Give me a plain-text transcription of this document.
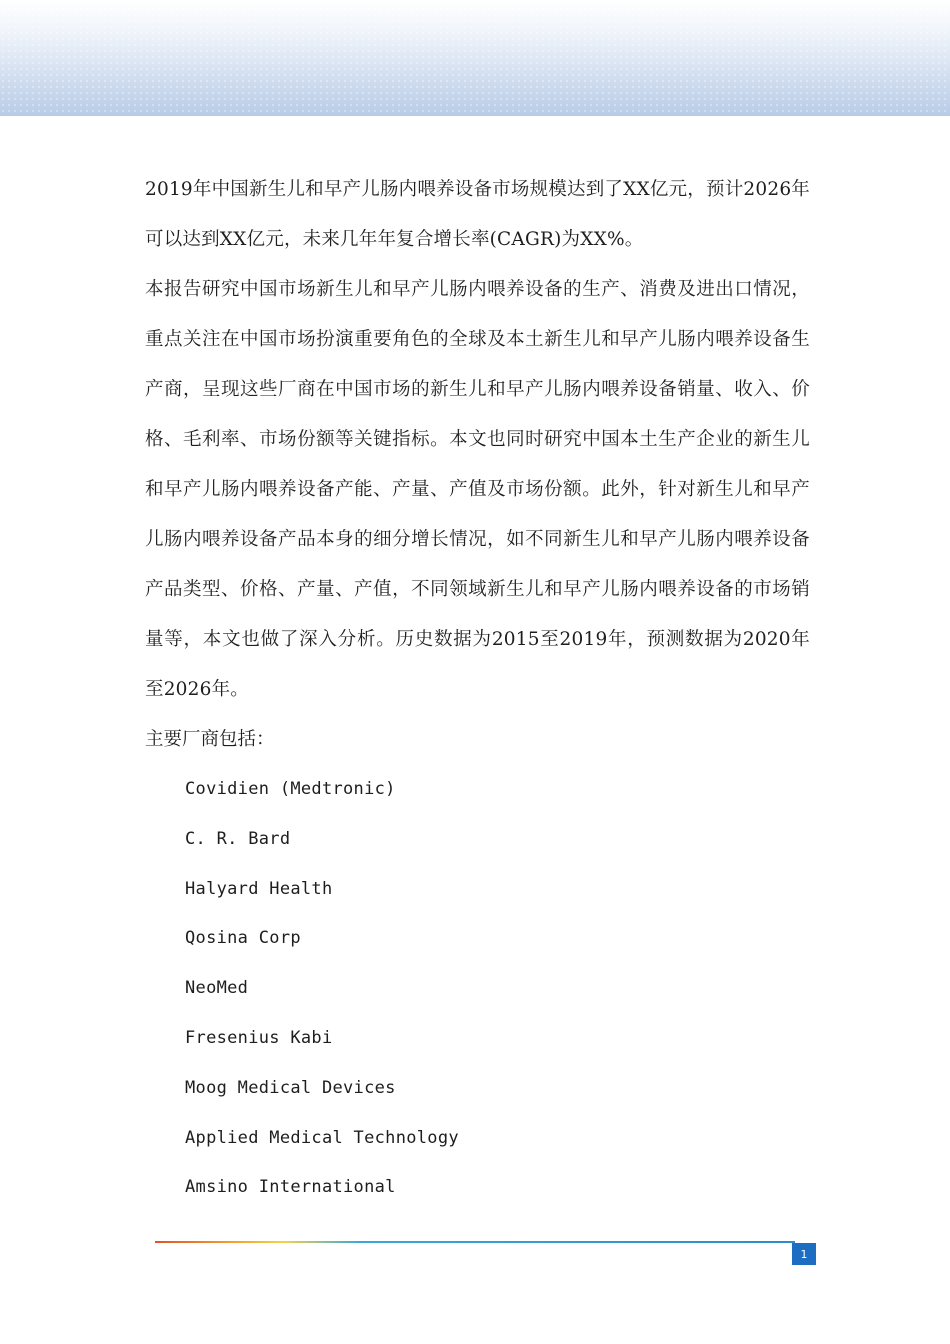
2019年中国新生儿和早产儿肠内喂养设备市场规模达到了XX亿元，预计2026年可以达到XX亿元，未来几年年复合增长率(CAGR)为XX%。

本报告研究中国市场新生儿和早产儿肠内喂养设备的生产、消费及进出口情况，重点关注在中国市场扮演重要角色的全球及本土新生儿和早产儿肠内喂养设备生产商，呈现这些厂商在中国市场的新生儿和早产儿肠内喂养设备销量、收入、价格、毛利率、市场份额等关键指标。本文也同时研究中国本土生产企业的新生儿和早产儿肠内喂养设备产能、产量、产值及市场份额。此外，针对新生儿和早产儿肠内喂养设备产品本身的细分增长情况，如不同新生儿和早产儿肠内喂养设备产品类型、价格、产量、产值，不同领域新生儿和早产儿肠内喂养设备的市场销量等，本文也做了深入分析。历史数据为2015至2019年，预测数据为2020年至2026年。

主要厂商包括：

Covidien (Medtronic)
C. R. Bard
Halyard Health
Qosina Corp
NeoMed
Fresenius Kabi
Moog Medical Devices
Applied Medical Technology
Amsino International
1
